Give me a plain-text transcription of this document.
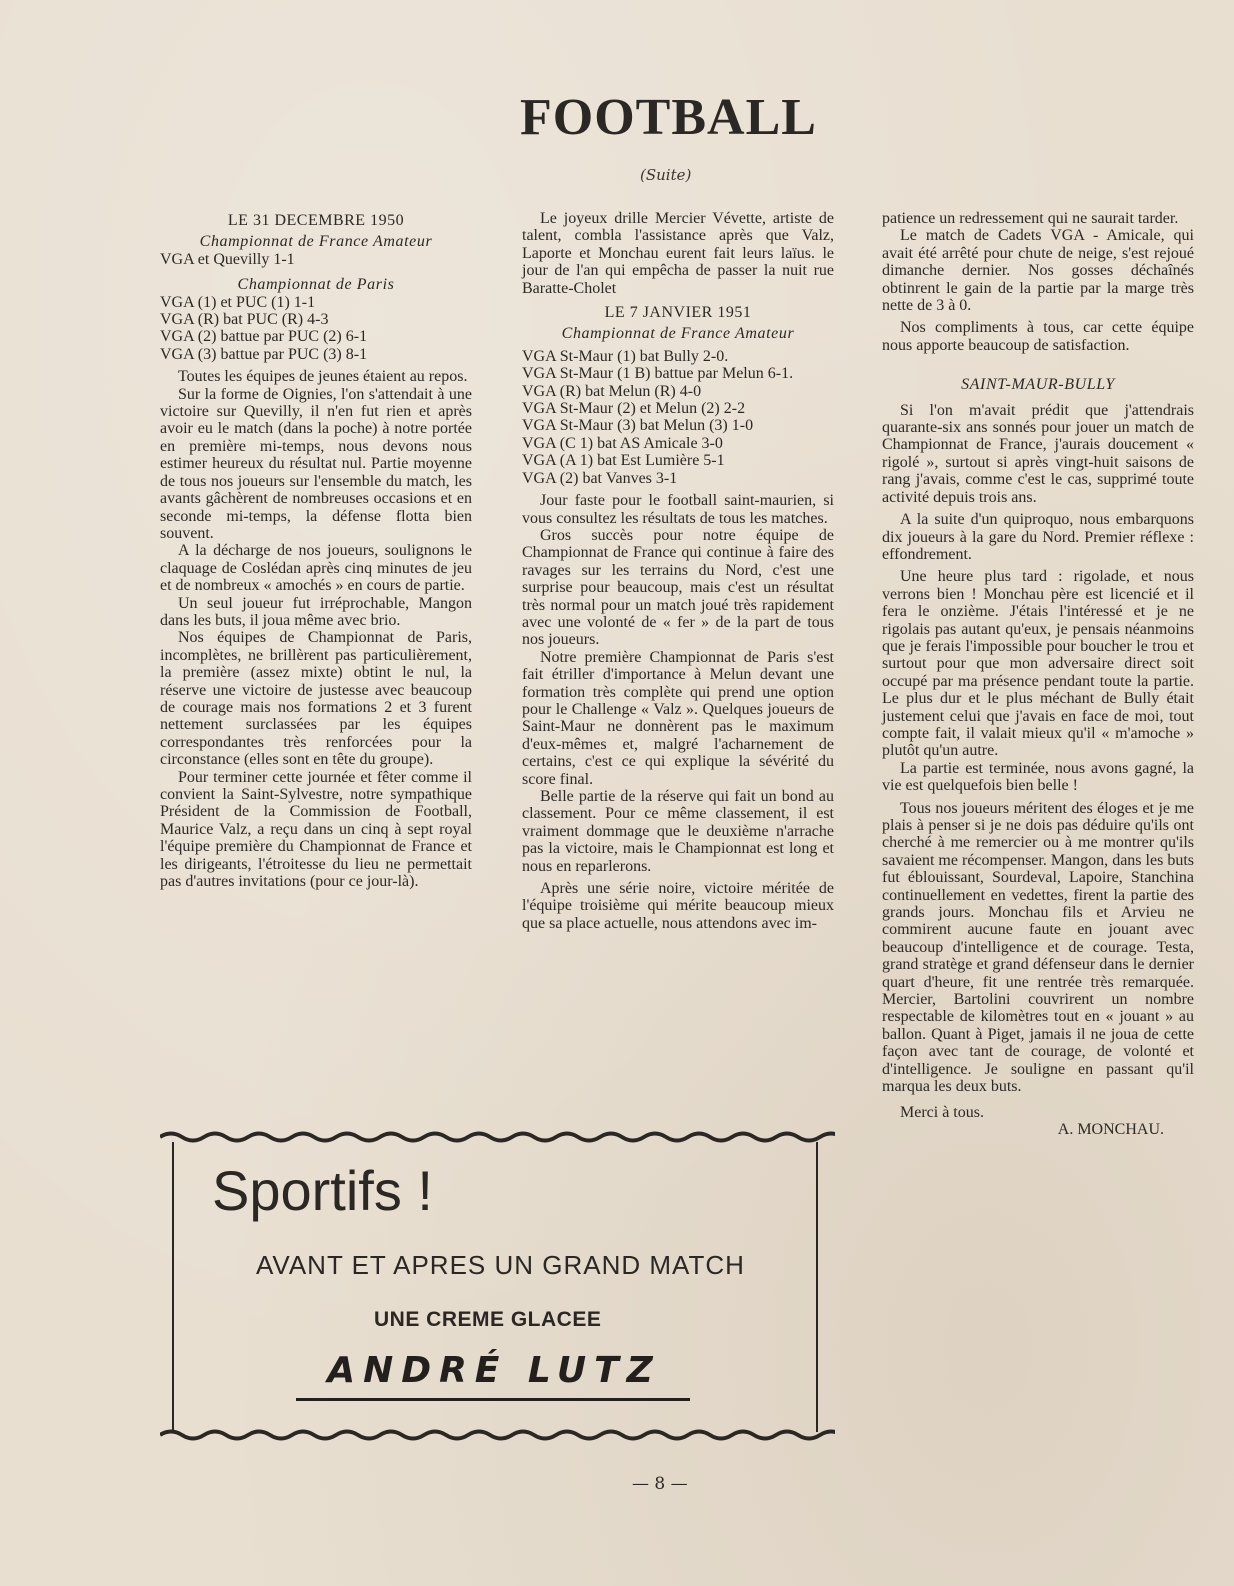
FOOTBALL
(Suite)

LE 31 DECEMBRE 1950

Championnat de France Amateur

VGA et Quevilly 1-1

Championnat de Paris

VGA (1) et PUC (1) 1-1

VGA (R) bat PUC (R) 4-3

VGA (2) battue par PUC (2) 6-1

VGA (3) battue par PUC (3) 8-1

Toutes les équipes de jeunes étaient au repos.

Sur la forme de Oignies, l'on s'attendait à une victoire sur Quevilly, il n'en fut rien et après avoir eu le match (dans la poche) à notre portée en première mi-temps, nous devons nous estimer heureux du résultat nul. Partie moyenne de tous nos joueurs sur l'ensemble du match, les avants gâchèrent de nombreuses occasions et en seconde mi-temps, la défense flotta bien souvent.

A la décharge de nos joueurs, soulignons le claquage de Coslédan après cinq minutes de jeu et de nombreux « amochés » en cours de partie.

Un seul joueur fut irréprochable, Mangon dans les buts, il joua même avec brio.

Nos équipes de Championnat de Paris, incomplètes, ne brillèrent pas particulièrement, la première (assez mixte) obtint le nul, la réserve une victoire de justesse avec beaucoup de courage mais nos formations 2 et 3 furent nettement surclassées par les équipes correspondantes très renforcées pour la circonstance (elles sont en tête du groupe).

Pour terminer cette journée et fêter comme il convient la Saint-Sylvestre, notre sympathique Président de la Commission de Football, Maurice Valz, a reçu dans un cinq à sept royal l'équipe première du Championnat de France et les dirigeants, l'étroitesse du lieu ne permettait pas d'autres invitations (pour ce jour-là).

Le joyeux drille Mercier Vévette, artiste de talent, combla l'assistance après que Valz, Laporte et Monchau eurent fait leurs laïus. le jour de l'an qui empêcha de passer la nuit rue Baratte-Cholet

LE 7 JANVIER 1951

Championnat de France Amateur

VGA St-Maur (1) bat Bully 2-0.

VGA St-Maur (1 B) battue par Melun 6-1.

VGA (R) bat Melun (R) 4-0

VGA St-Maur (2) et Melun (2) 2-2

VGA St-Maur (3) bat Melun (3) 1-0

VGA (C 1) bat AS Amicale 3-0

VGA (A 1) bat Est Lumière 5-1

VGA (2) bat Vanves 3-1

Jour faste pour le football saint-maurien, si vous consultez les résultats de tous les matches.

Gros succès pour notre équipe de Championnat de France qui continue à faire des ravages sur les terrains du Nord, c'est une surprise pour beaucoup, mais c'est un résultat très normal pour un match joué très rapidement avec une volonté de « fer » de la part de tous nos joueurs.

Notre première Championnat de Paris s'est fait étriller d'importance à Melun devant une formation très complète qui prend une option pour le Challenge « Valz ». Quelques joueurs de Saint-Maur ne donnèrent pas le maximum d'eux-mêmes et, malgré l'acharnement de certains, c'est ce qui explique la sévérité du score final.

Belle partie de la réserve qui fait un bond au classement. Pour ce même classement, il est vraiment dommage que le deuxième n'arrache pas la victoire, mais le Championnat est long et nous en reparlerons.

Après une série noire, victoire méritée de l'équipe troisième qui mérite beaucoup mieux que sa place actuelle, nous attendons avec im-

patience un redressement qui ne saurait tarder.

Le match de Cadets VGA - Amicale, qui avait été arrêté pour chute de neige, s'est rejoué dimanche dernier. Nos gosses déchaînés obtinrent le gain de la partie par la marge très nette de 3 à 0.

Nos compliments à tous, car cette équipe nous apporte beaucoup de satisfaction.

SAINT-MAUR-BULLY

Si l'on m'avait prédit que j'attendrais quarante-six ans sonnés pour jouer un match de Championnat de France, j'aurais doucement « rigolé », surtout si après vingt-huit saisons de rang j'avais, comme c'est le cas, supprimé toute activité depuis trois ans.

A la suite d'un quiproquo, nous embarquons dix joueurs à la gare du Nord. Premier réflexe : effondrement.

Une heure plus tard : rigolade, et nous verrons bien ! Monchau père est licencié et il fera le onzième. J'étais l'intéressé et je ne rigolais pas autant qu'eux, je pensais néanmoins que je ferais l'impossible pour boucher le trou et surtout pour que mon adversaire direct soit occupé par ma présence pendant toute la partie. Le plus dur et le plus méchant de Bully était justement celui que j'avais en face de moi, tout compte fait, il valait mieux qu'il « m'amoche » plutôt qu'un autre.

La partie est terminée, nous avons gagné, la vie est quelquefois bien belle !

Tous nos joueurs méritent des éloges et je me plais à penser si je ne dois pas déduire qu'ils ont cherché à me remercier ou à me montrer qu'ils savaient me récompenser. Mangon, dans les buts fut éblouissant, Sourdeval, Lapoire, Stanchina continuellement en vedettes, firent la partie des grands jours. Monchau fils et Arvieu ne commirent aucune faute en jouant avec beaucoup d'intelligence et de courage. Testa, grand stratège et grand défenseur dans le dernier quart d'heure, fit une rentrée très remarquée. Mercier, Bartolini couvrirent un nombre respectable de kilomètres tout en « jouant » au ballon. Quant à Piget, jamais il ne joua de cette façon avec tant de courage, de volonté et d'intelligence. Je souligne en passant qu'il marqua les deux buts.

Merci à tous.

A. MONCHAU.

Sportifs !
AVANT ET APRES UN GRAND MATCH
UNE CREME GLACEE
ANDRÉ LUTZ
— 8 —
